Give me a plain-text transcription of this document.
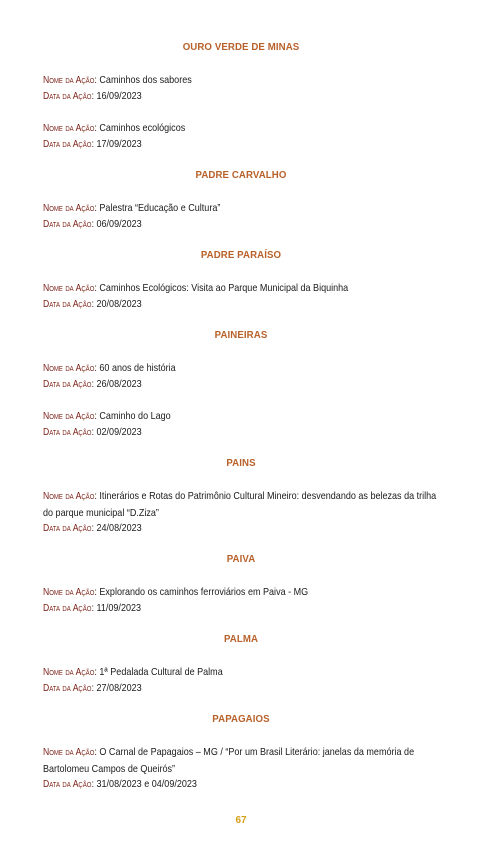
OURO VERDE DE MINAS
Nome da Ação: Caminhos dos sabores
Data da Ação: 16/09/2023
Nome da Ação: Caminhos ecológicos
Data da Ação: 17/09/2023
PADRE CARVALHO
Nome da Ação: Palestra “Educação e Cultura”
Data da Ação: 06/09/2023
PADRE PARAÍSO
Nome da Ação: Caminhos Ecológicos: Visita ao Parque Municipal da Biquinha
Data da Ação: 20/08/2023
PAINEIRAS
Nome da Ação: 60 anos de história
Data da Ação: 26/08/2023
Nome da Ação: Caminho do Lago
Data da Ação: 02/09/2023
PAINS
Nome da Ação: Itinerários e Rotas do Patrimônio Cultural Mineiro: desvendando as belezas da trilha do parque municipal “D.Ziza”
Data da Ação: 24/08/2023
PAIVA
Nome da Ação: Explorando os caminhos ferroviários em Paiva - MG
Data da Ação: 11/09/2023
PALMA
Nome da Ação: 1ª Pedalada Cultural de Palma
Data da Ação: 27/08/2023
PAPAGAIOS
Nome da Ação: O Carnal de Papagaios – MG / “Por um Brasil Literário: janelas da memória de Bartolomeu Campos de Queirós”
Data da Ação: 31/08/2023 e 04/09/2023
67
